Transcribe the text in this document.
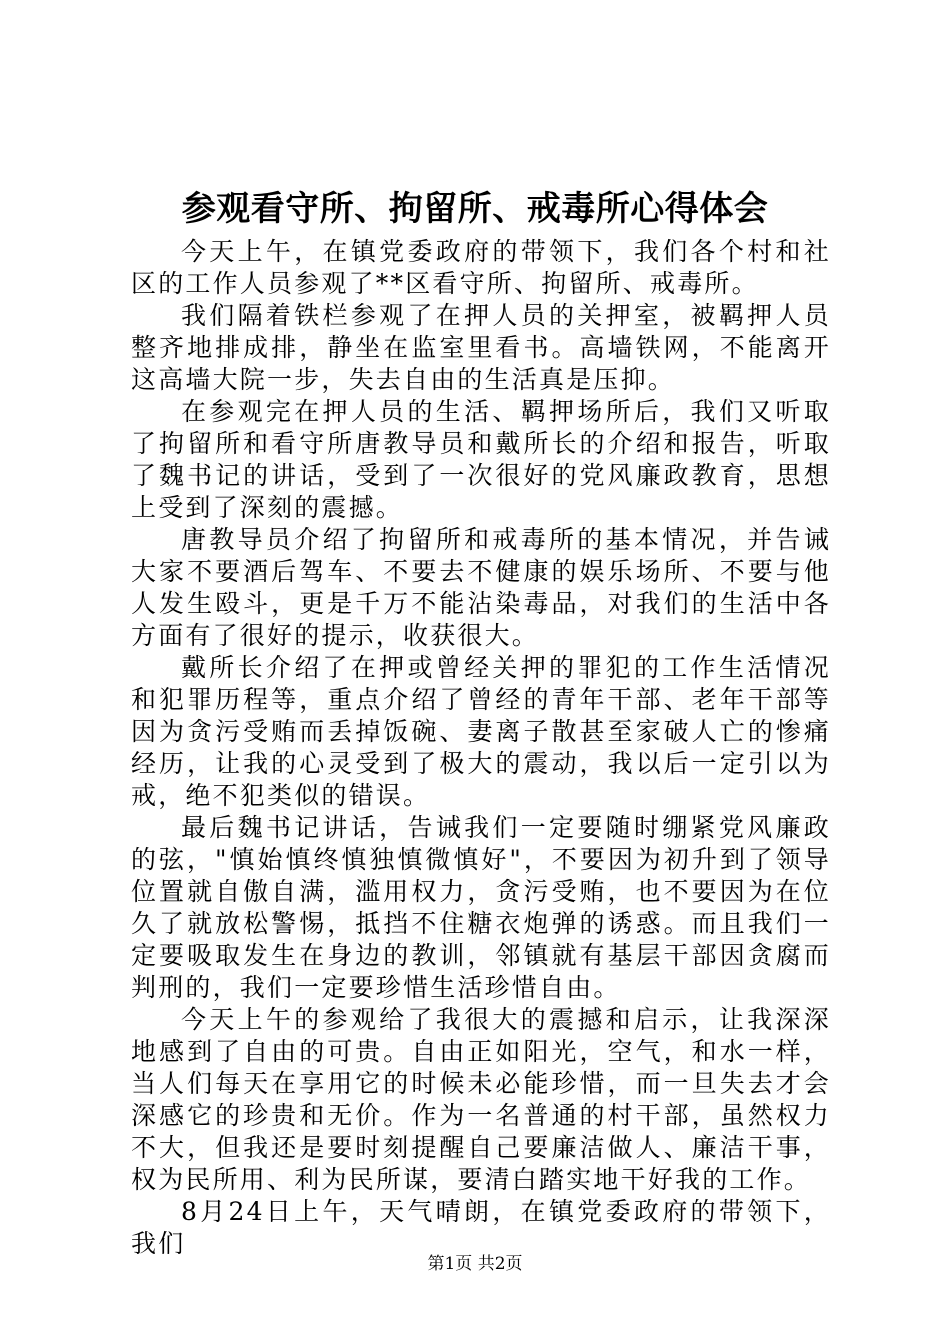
参观看守所、拘留所、戒毒所心得体会

今天上午，在镇党委政府的带领下，我们各个村和社区的工作人员参观了**区看守所、拘留所、戒毒所。

我们隔着铁栏参观了在押人员的关押室，被羁押人员整齐地排成排，静坐在监室里看书。高墙铁网，不能离开这高墙大院一步，失去自由的生活真是压抑。

在参观完在押人员的生活、羁押场所后，我们又听取了拘留所和看守所唐教导员和戴所长的介绍和报告，听取了魏书记的讲话，受到了一次很好的党风廉政教育，思想上受到了深刻的震撼。

唐教导员介绍了拘留所和戒毒所的基本情况，并告诫大家不要酒后驾车、不要去不健康的娱乐场所、不要与他人发生殴斗，更是千万不能沾染毒品，对我们的生活中各方面有了很好的提示，收获很大。

戴所长介绍了在押或曾经关押的罪犯的工作生活情况和犯罪历程等，重点介绍了曾经的青年干部、老年干部等因为贪污受贿而丢掉饭碗、妻离子散甚至家破人亡的惨痛经历，让我的心灵受到了极大的震动，我以后一定引以为戒，绝不犯类似的错误。

最后魏书记讲话，告诫我们一定要随时绷紧党风廉政的弦，"慎始慎终慎独慎微慎好"，不要因为初升到了领导位置就自傲自满，滥用权力，贪污受贿，也不要因为在位久了就放松警惕，抵挡不住糖衣炮弹的诱惑。而且我们一定要吸取发生在身边的教训，邻镇就有基层干部因贪腐而判刑的，我们一定要珍惜生活珍惜自由。

今天上午的参观给了我很大的震撼和启示，让我深深地感到了自由的可贵。自由正如阳光，空气，和水一样，当人们每天在享用它的时候未必能珍惜，而一旦失去才会深感它的珍贵和无价。作为一名普通的村干部，虽然权力不大，但我还是要时刻提醒自己要廉洁做人、廉洁干事，权为民所用、利为民所谋，要清白踏实地干好我的工作。

8月24日上午，天气晴朗，在镇党委政府的带领下，我们

第1页 共2页
